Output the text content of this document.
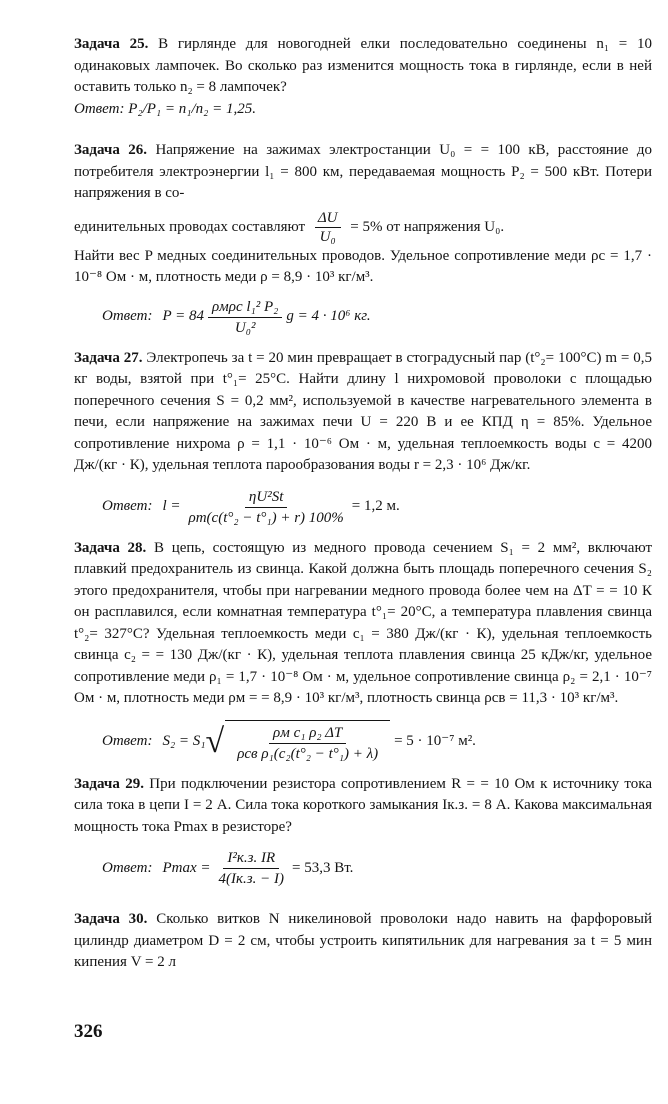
Задача 25. В гирлянде для новогодней елки последовательно соединены n₁ = 10 одинаковых лампочек. Во сколько раз изменится мощность тока в гирлянде, если в ней оставить только n₂ = 8 лампочек?

Ответ: P₂/P₁ = n₁/n₂ = 1,25.

Задача 26. Напряжение на зажимах электростанции U₀ = = 100 кВ, расстояние до потребителя электроэнергии l₁ = 800 км, передаваемая мощность P₂ = 500 кВт. Потери напряжения в со-

единительных проводах составляют $\frac{\Delta U}{\text{U₀}} = 5\%$ от напряжения U₀.

Найти вес P медных соединительных проводов. Удельное сопротивление меди ρc = 1,7 · 10⁻⁸ Ом · м, плотность меди ρ = 8,9 · 10³ кг/м³.

Ответ: $P = 84 \frac{\text{ρмρc l₁² P₂}}{\text{U₀²}}$ g = 4 · 10⁶ кг.

Задача 27. Электропечь за t = 20 мин превращает в стоградусный пар (t°₂= 100°C) m = 0,5 кг воды, взятой при t°₁= 25°C. Найти длину l нихромовой проволоки с площадью поперечного сечения S = 0,2 мм², используемой в качестве нагревательного элемента в печи, если напряжение на зажимах печи U = 220 В и ее КПД η = 85%. Удельное сопротивление нихрома ρ = 1,1 · 10⁻⁶ Ом · м, удельная теплоемкость воды c = 4200 Дж/(кг · К), удельная теплота парообразования воды r = 2,3 · 10⁶ Дж/кг.

Ответ: $l = \frac{\text{ηU²St}}{\text{ρm(c(t°₂ − t°₁) + r) 100\%}} = 1,2$ м.

Задача 28. В цепь, состоящую из медного провода сечением S₁ = 2 мм², включают плавкий предохранитель из свинца. Какой должна быть площадь поперечного сечения S₂ этого предохранителя, чтобы при нагревании медного провода более чем на ΔT = = 10 К он расплавился, если комнатная температура t°₁= 20°C, а температура плавления свинца t°₂= 327°C? Удельная теплоемкость меди c₁ = 380 Дж/(кг · К), удельная теплоемкость свинца c₂ = = 130 Дж/(кг · К), удельная теплота плавления свинца 25 кДж/кг, удельное сопротивление меди ρ₁ = 1,7 · 10⁻⁸ Ом · м, удельное сопротивление свинца ρ₂ = 2,1 · 10⁻⁷ Ом · м, плотность меди ρм = = 8,9 · 10³ кг/м³, плотность свинца ρсв = 11,3 · 10³ кг/м³.

Ответ: S₂ = S₁ √ $\frac{\text{ρм c₁ ρ₂ ΔT}}{\text{ρсв ρ₁(c₂(t°₂ − t°₁) + λ)}} = 5 \cdot 10^{-7}$ м².

Задача 29. При подключении резистора сопротивлением R = = 10 Ом к источнику тока сила тока в цепи I = 2 А. Сила тока короткого замыкания Iк.з. = 8 А. Какова максимальная мощность тока Pmax в резисторе?

Ответ: $Pmax = \frac{\text{I²к.з. IR}}{4(Iк.з. - I)} = 53,3$ Вт.

Задача 30. Сколько витков N никелиновой проволоки надо навить на фарфоровый цилиндр диаметром D = 2 см, чтобы устроить кипятильник для нагревания за t = 5 мин кипения V = 2 л

326
